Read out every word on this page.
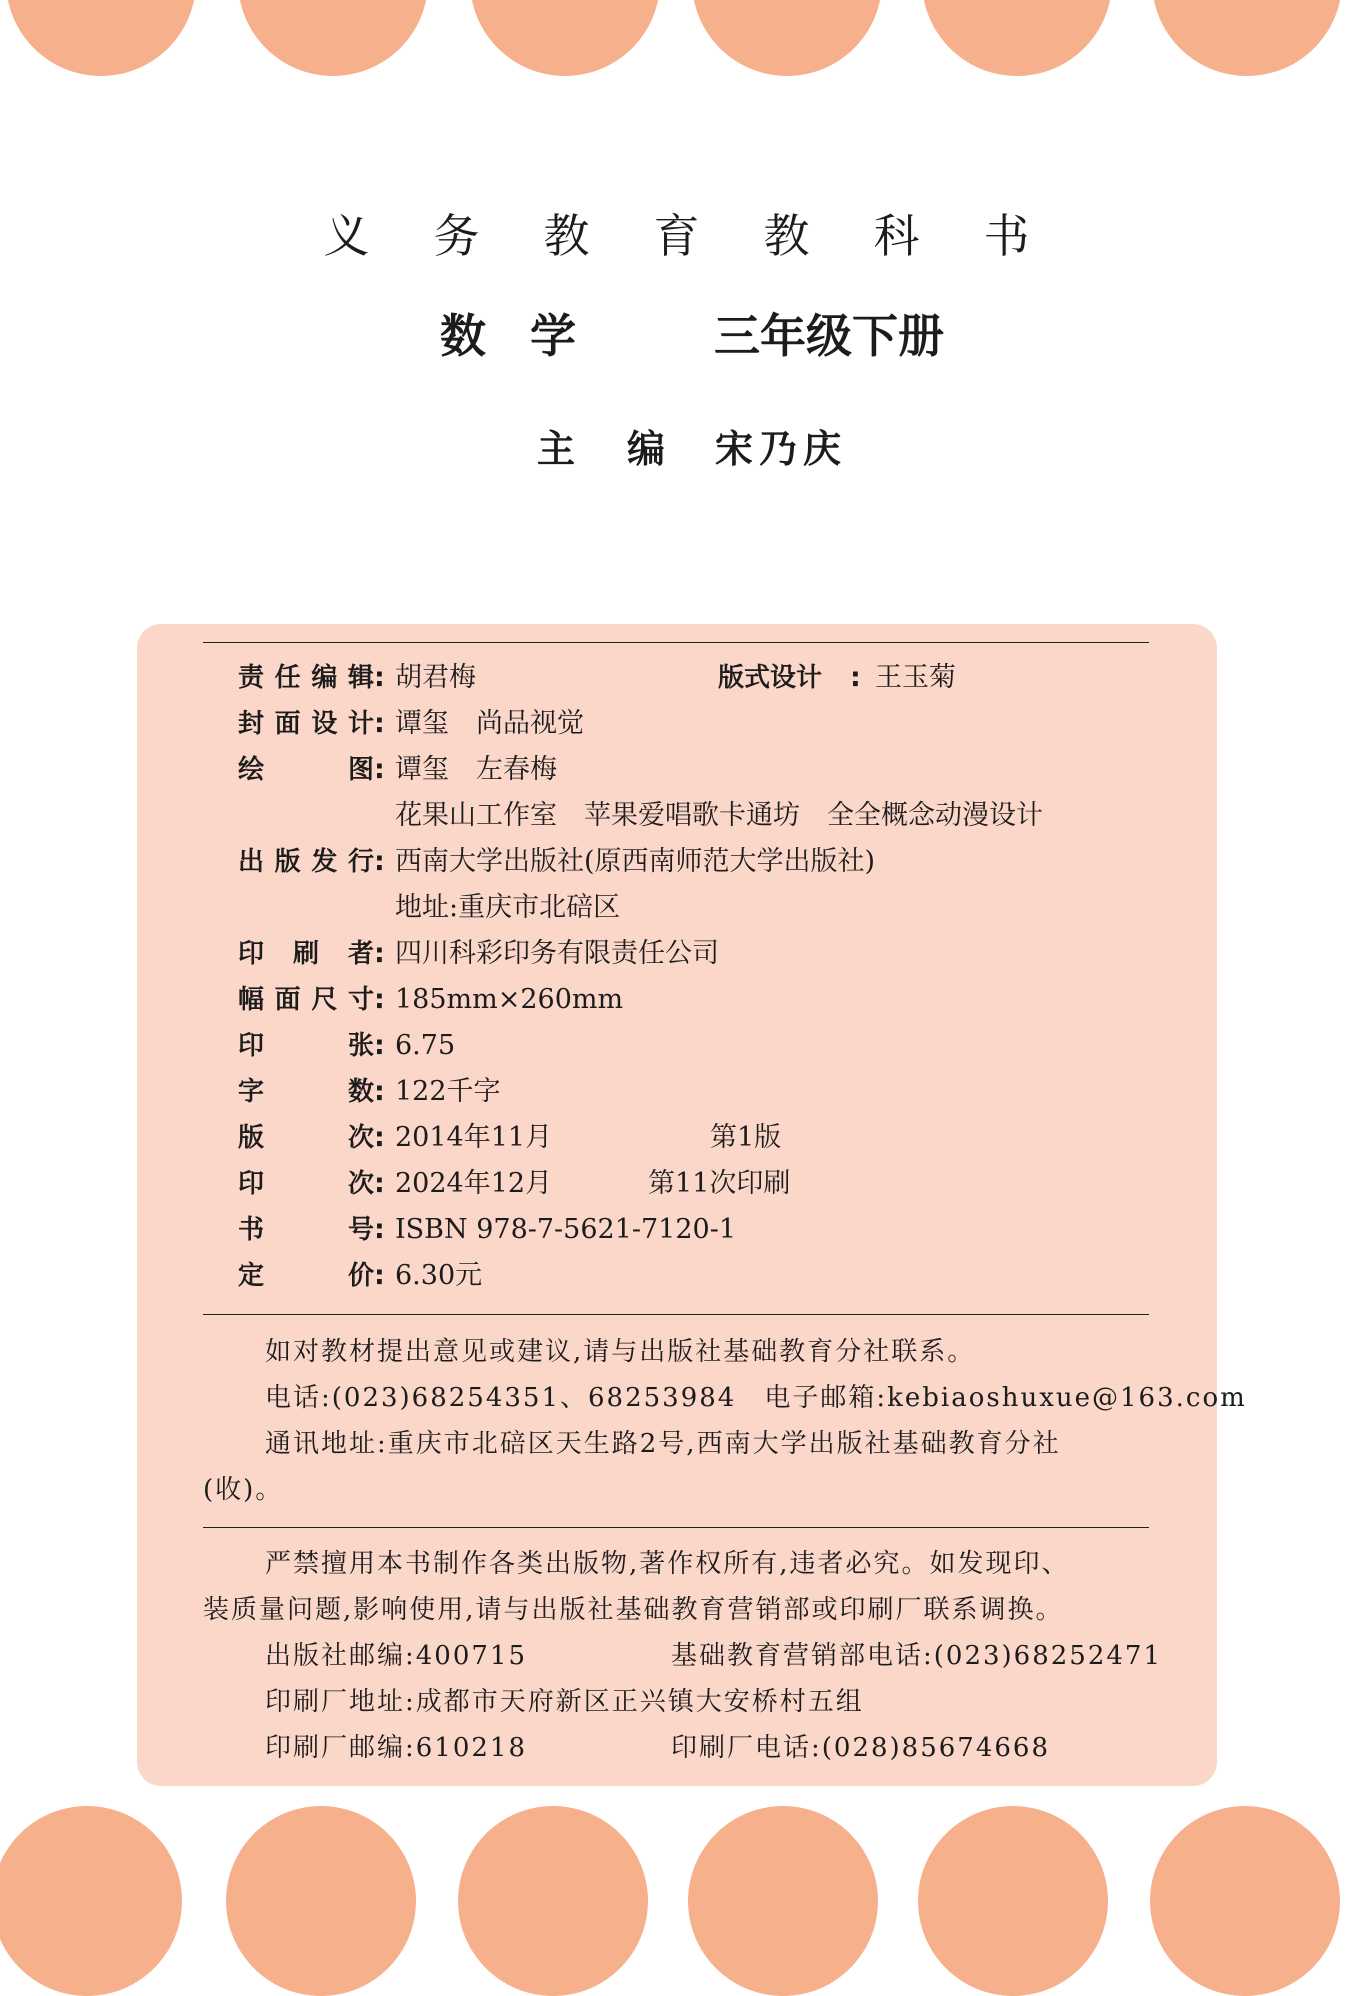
义务教育教科书
数学 三年级下册
主编
宋乃庆
责任编辑 : 胡君梅	版式设计	: 王玉菊
封面设计 : 谭玺　尚品视觉
绘图 : 谭玺　左春梅
花果山工作室　苹果爱唱歌卡通坊　全全概念动漫设计
出版发行 : 西南大学出版社(原西南师范大学出版社)
地址:重庆市北碚区
印刷者 : 四川科彩印务有限责任公司
幅面尺寸 : 185mm×260mm
印张 : 6.75
字数 : 122千字
版次 : 2014年11月	第1版
印次 : 2024年12月	第11次印刷
书号 : ISBN 978-7-5621-7120-1
定价 : 6.30元
如对教材提出意见或建议,请与出版社基础教育分社联系。
电话:(023)68254351、68253984　电子邮箱:kebiaoshuxue@163.com
通讯地址:重庆市北碚区天生路2号,西南大学出版社基础教育分社
(收)。
严禁擅用本书制作各类出版物,著作权所有,违者必究。如发现印、
装质量问题,影响使用,请与出版社基础教育营销部或印刷厂联系调换。
出版社邮编:400715	基础教育营销部电话:(023)68252471
印刷厂地址:成都市天府新区正兴镇大安桥村五组
印刷厂邮编:610218	印刷厂电话:(028)85674668
